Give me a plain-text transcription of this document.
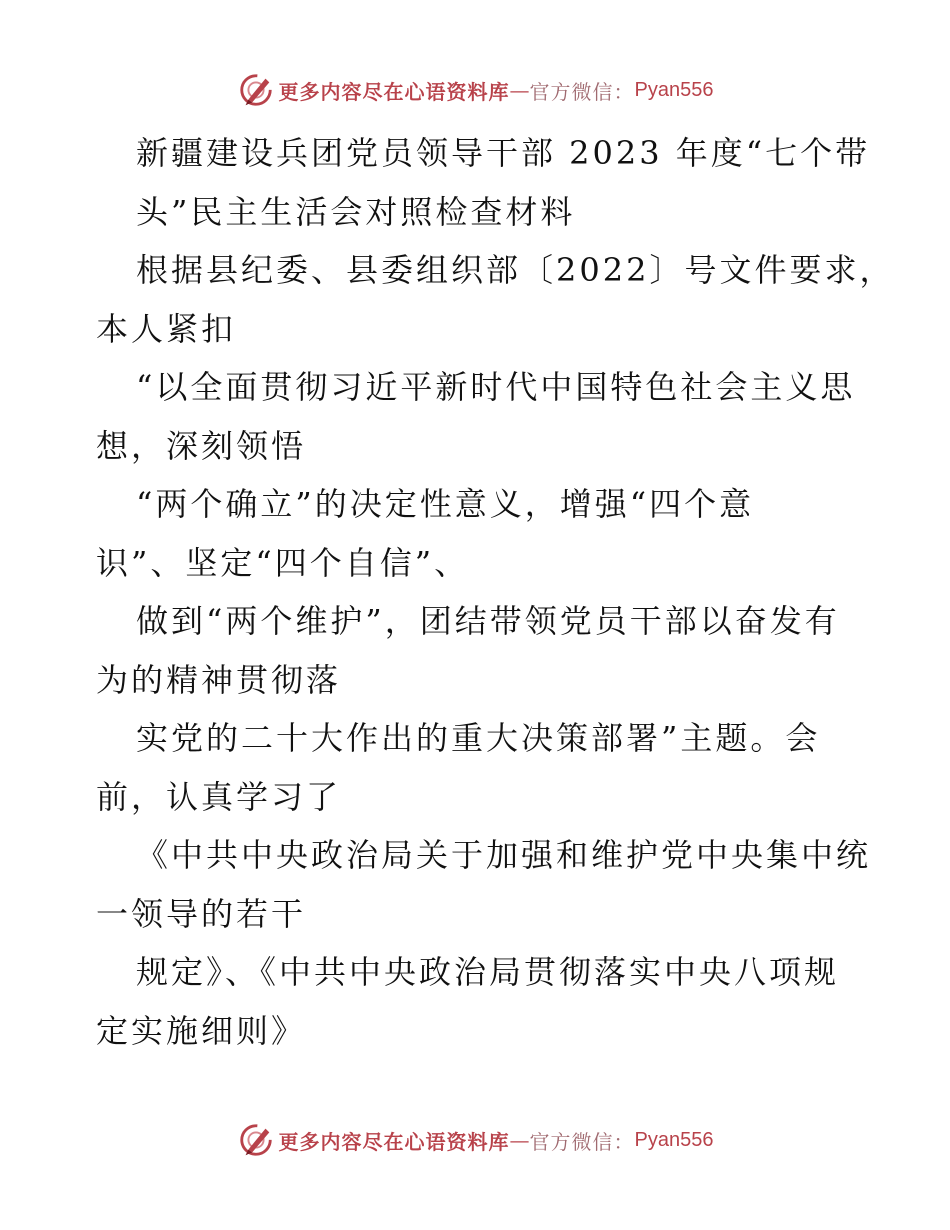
更多内容尽在心语资料库 — 官方微信： Pyan556
新疆建设兵团党员领导干部 2023 年度“七个带
头”民主生活会对照检查材料
根据县纪委、县委组织部〔2022〕号文件要求，
本人紧扣
“以全面贯彻习近平新时代中国特色社会主义思
想，深刻领悟
“两个确立”的决定性意义，增强“四个意
识”、坚定“四个自信”、
做到“两个维护”，团结带领党员干部以奋发有
为的精神贯彻落
实党的二十大作出的重大决策部署”主题。会
前，认真学习了
《中共中央政治局关于加强和维护党中央集中统
一领导的若干
规定》、《中共中央政治局贯彻落实中央八项规
定实施细则》
更多内容尽在心语资料库 — 官方微信： Pyan556
